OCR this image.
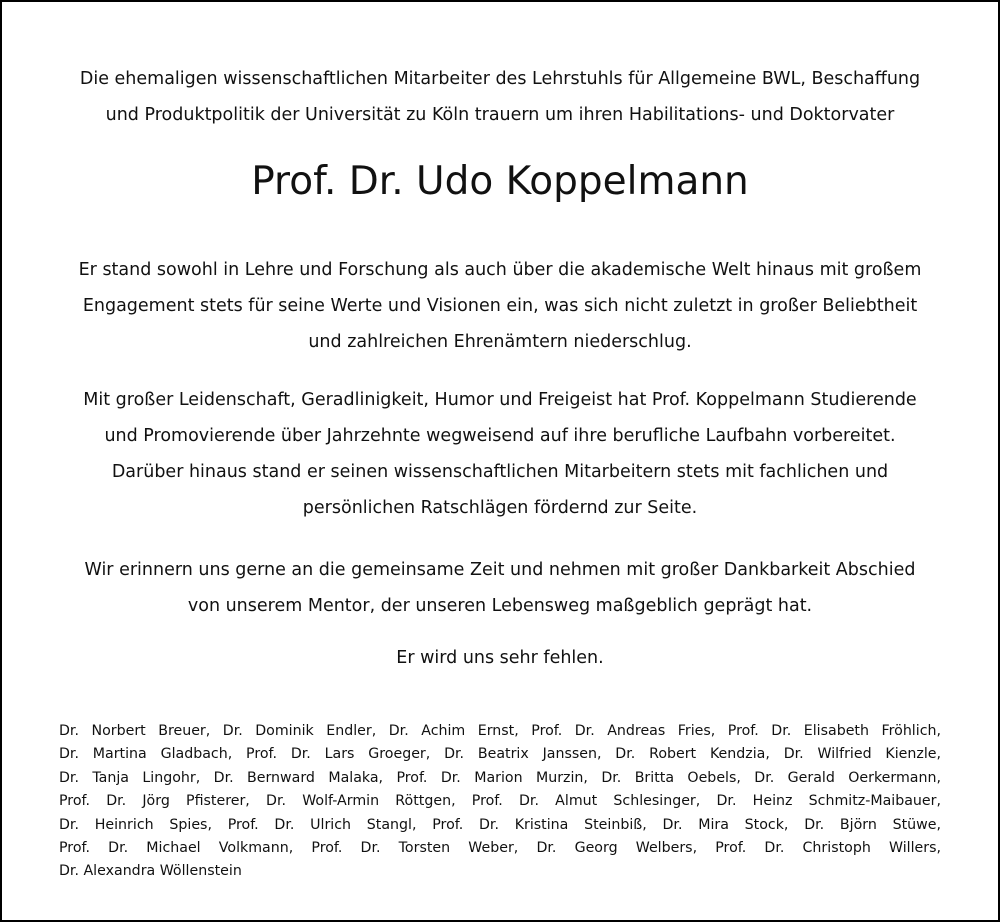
Die ehemaligen wissenschaftlichen Mitarbeiter des Lehrstuhls für Allgemeine BWL, Beschaffung
und Produktpolitik der Universität zu Köln trauern um ihren Habilitations- und Doktorvater

Prof. Dr. Udo Koppelmann

Er stand sowohl in Lehre und Forschung als auch über die akademische Welt hinaus mit großem
Engagement stets für seine Werte und Visionen ein, was sich nicht zuletzt in großer Beliebtheit
und zahlreichen Ehrenämtern niederschlug.

Mit großer Leidenschaft, Geradlinigkeit, Humor und Freigeist hat Prof. Koppelmann Studierende
und Promovierende über Jahrzehnte wegweisend auf ihre berufliche Laufbahn vorbereitet.
Darüber hinaus stand er seinen wissenschaftlichen Mitarbeitern stets mit fachlichen und
persönlichen Ratschlägen fördernd zur Seite.

Wir erinnern uns gerne an die gemeinsame Zeit und nehmen mit großer Dankbarkeit Abschied
von unserem Mentor, der unseren Lebensweg maßgeblich geprägt hat.

Er wird uns sehr fehlen.

Dr. Norbert Breuer, Dr. Dominik Endler, Dr. Achim Ernst, Prof. Dr. Andreas Fries, Prof. Dr. Elisabeth Fröhlich,
Dr. Martina Gladbach, Prof. Dr. Lars Groeger, Dr. Beatrix Janssen, Dr. Robert Kendzia, Dr. Wilfried Kienzle,
Dr. Tanja Lingohr, Dr. Bernward Malaka, Prof. Dr. Marion Murzin, Dr. Britta Oebels, Dr. Gerald Oerkermann,
Prof. Dr. Jörg Pfisterer, Dr. Wolf-Armin Röttgen, Prof. Dr. Almut Schlesinger, Dr. Heinz Schmitz-Maibauer,
Dr. Heinrich Spies, Prof. Dr. Ulrich Stangl, Prof. Dr. Kristina Steinbiß, Dr. Mira Stock, Dr. Björn Stüwe,
Prof. Dr. Michael Volkmann, Prof. Dr. Torsten Weber, Dr. Georg Welbers, Prof. Dr. Christoph Willers,
Dr. Alexandra Wöllenstein
